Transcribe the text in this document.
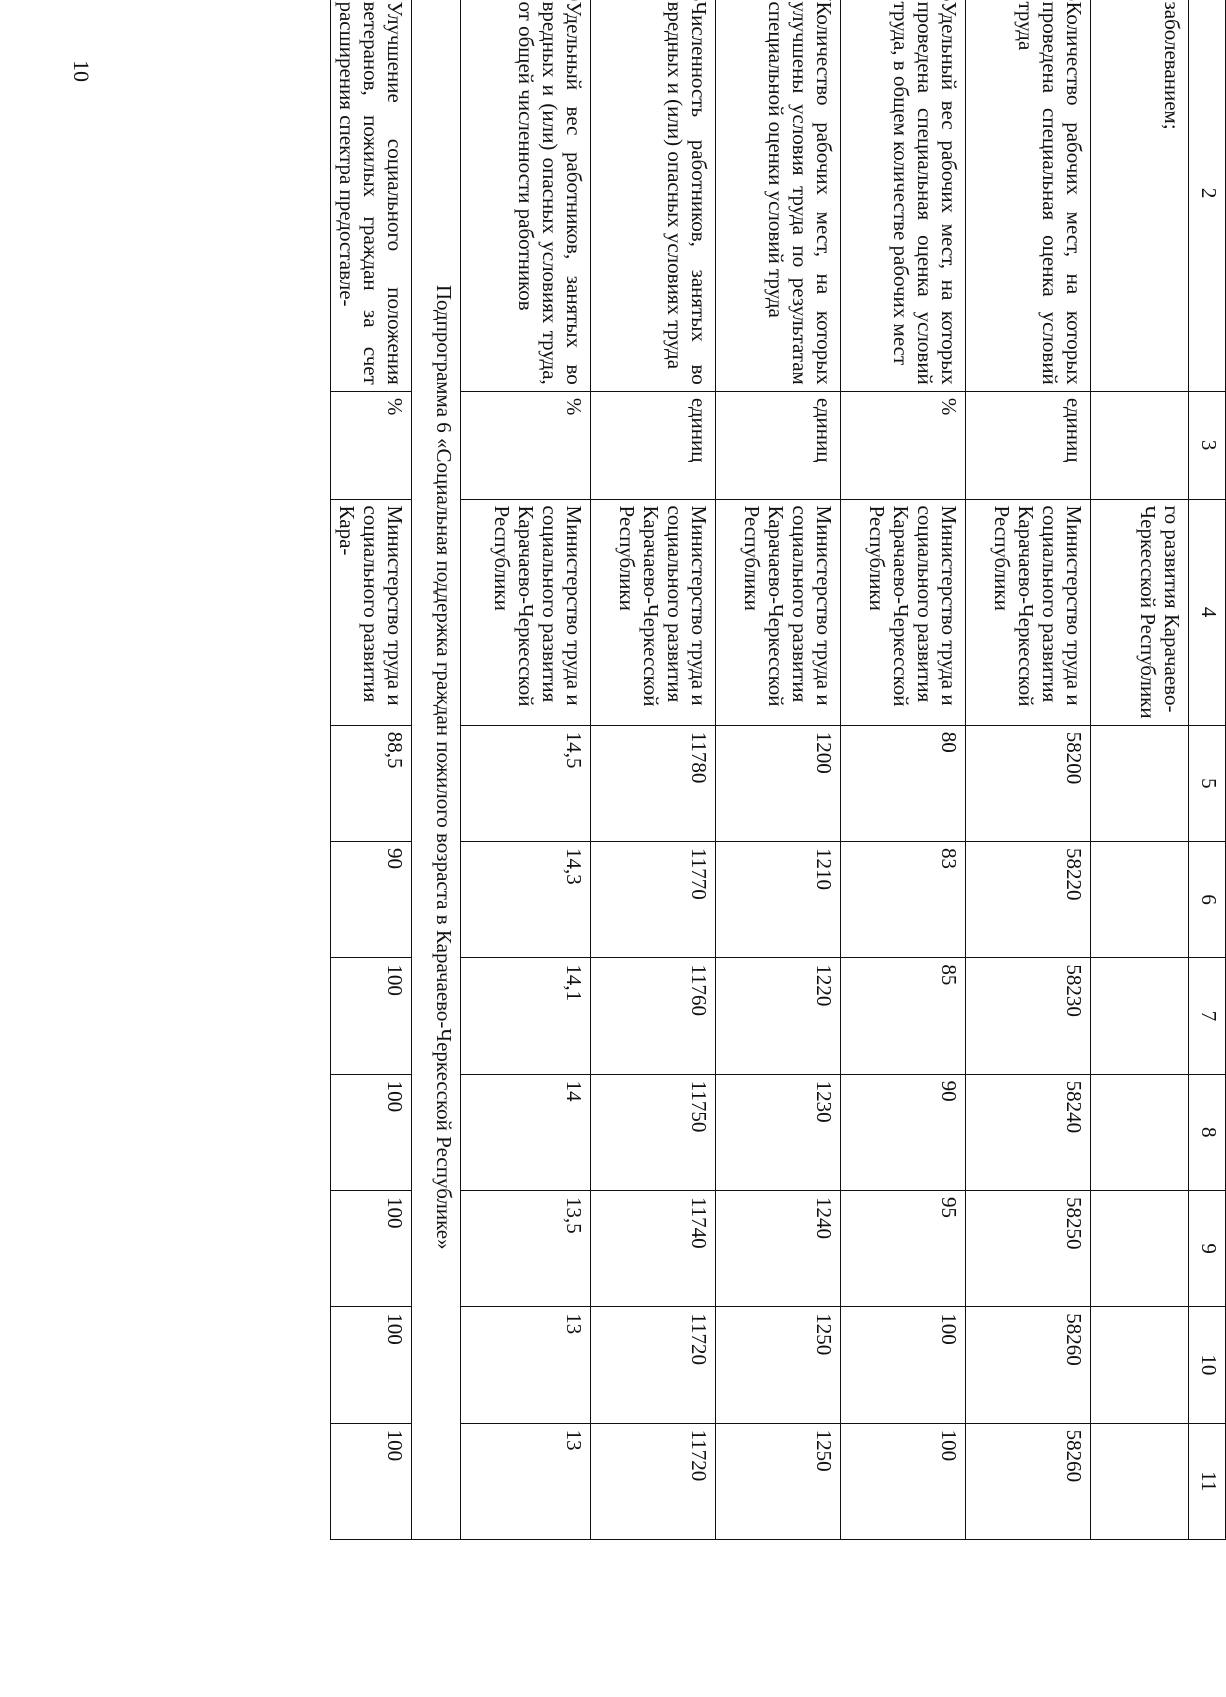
10
	2	3	4	5	6	7	8	9	10	11
	заболеванием;		го развития Карачаево-Черкесской Республики							
	Количество рабочих мест, на которых проведена специальная оценка условий труда	единиц	Министерство труда и социального развития Карачаево-Черкесской Республики	58200	58220	58230	58240	58250	58260	58260
	Удельный вес рабочих мест, на которых проведена специальная оценка условий труда, в общем количестве рабочих мест	%	Министерство труда и социального развития Карачаево-Черкесской Республики	80	83	85	90	95	100	100
	Количество рабочих мест, на которых улучшены условия труда по результатам специальной оценки условий труда	единиц	Министерство труда и социального развития Карачаево-Черкесской Республики	1200	1210	1220	1230	1240	1250	1250
	Численность работников, занятых во вредных и (или) опасных условиях труда	единиц	Министерство труда и социального развития Карачаево-Черкесской Республики	11780	11770	11760	11750	11740	11720	11720
	Удельный вес работников, занятых во вредных и (или) опасных условиях труда, от общей численности работников	%	Министерство труда и социального развития Карачаево-Черкесской Республики	14,5	14,3	14,1	14	13,5	13	13
	Подпрограмма 6 «Социальная поддержка граждан пожилого возраста в Карачаево-Черкесской Республике»									
	Улучшение социального положения ветеранов, пожилых граждан за счет расширения спектра предоставле-	%	Министерство труда и социального развития Кара-	88,5	90	100	100	100	100	100
